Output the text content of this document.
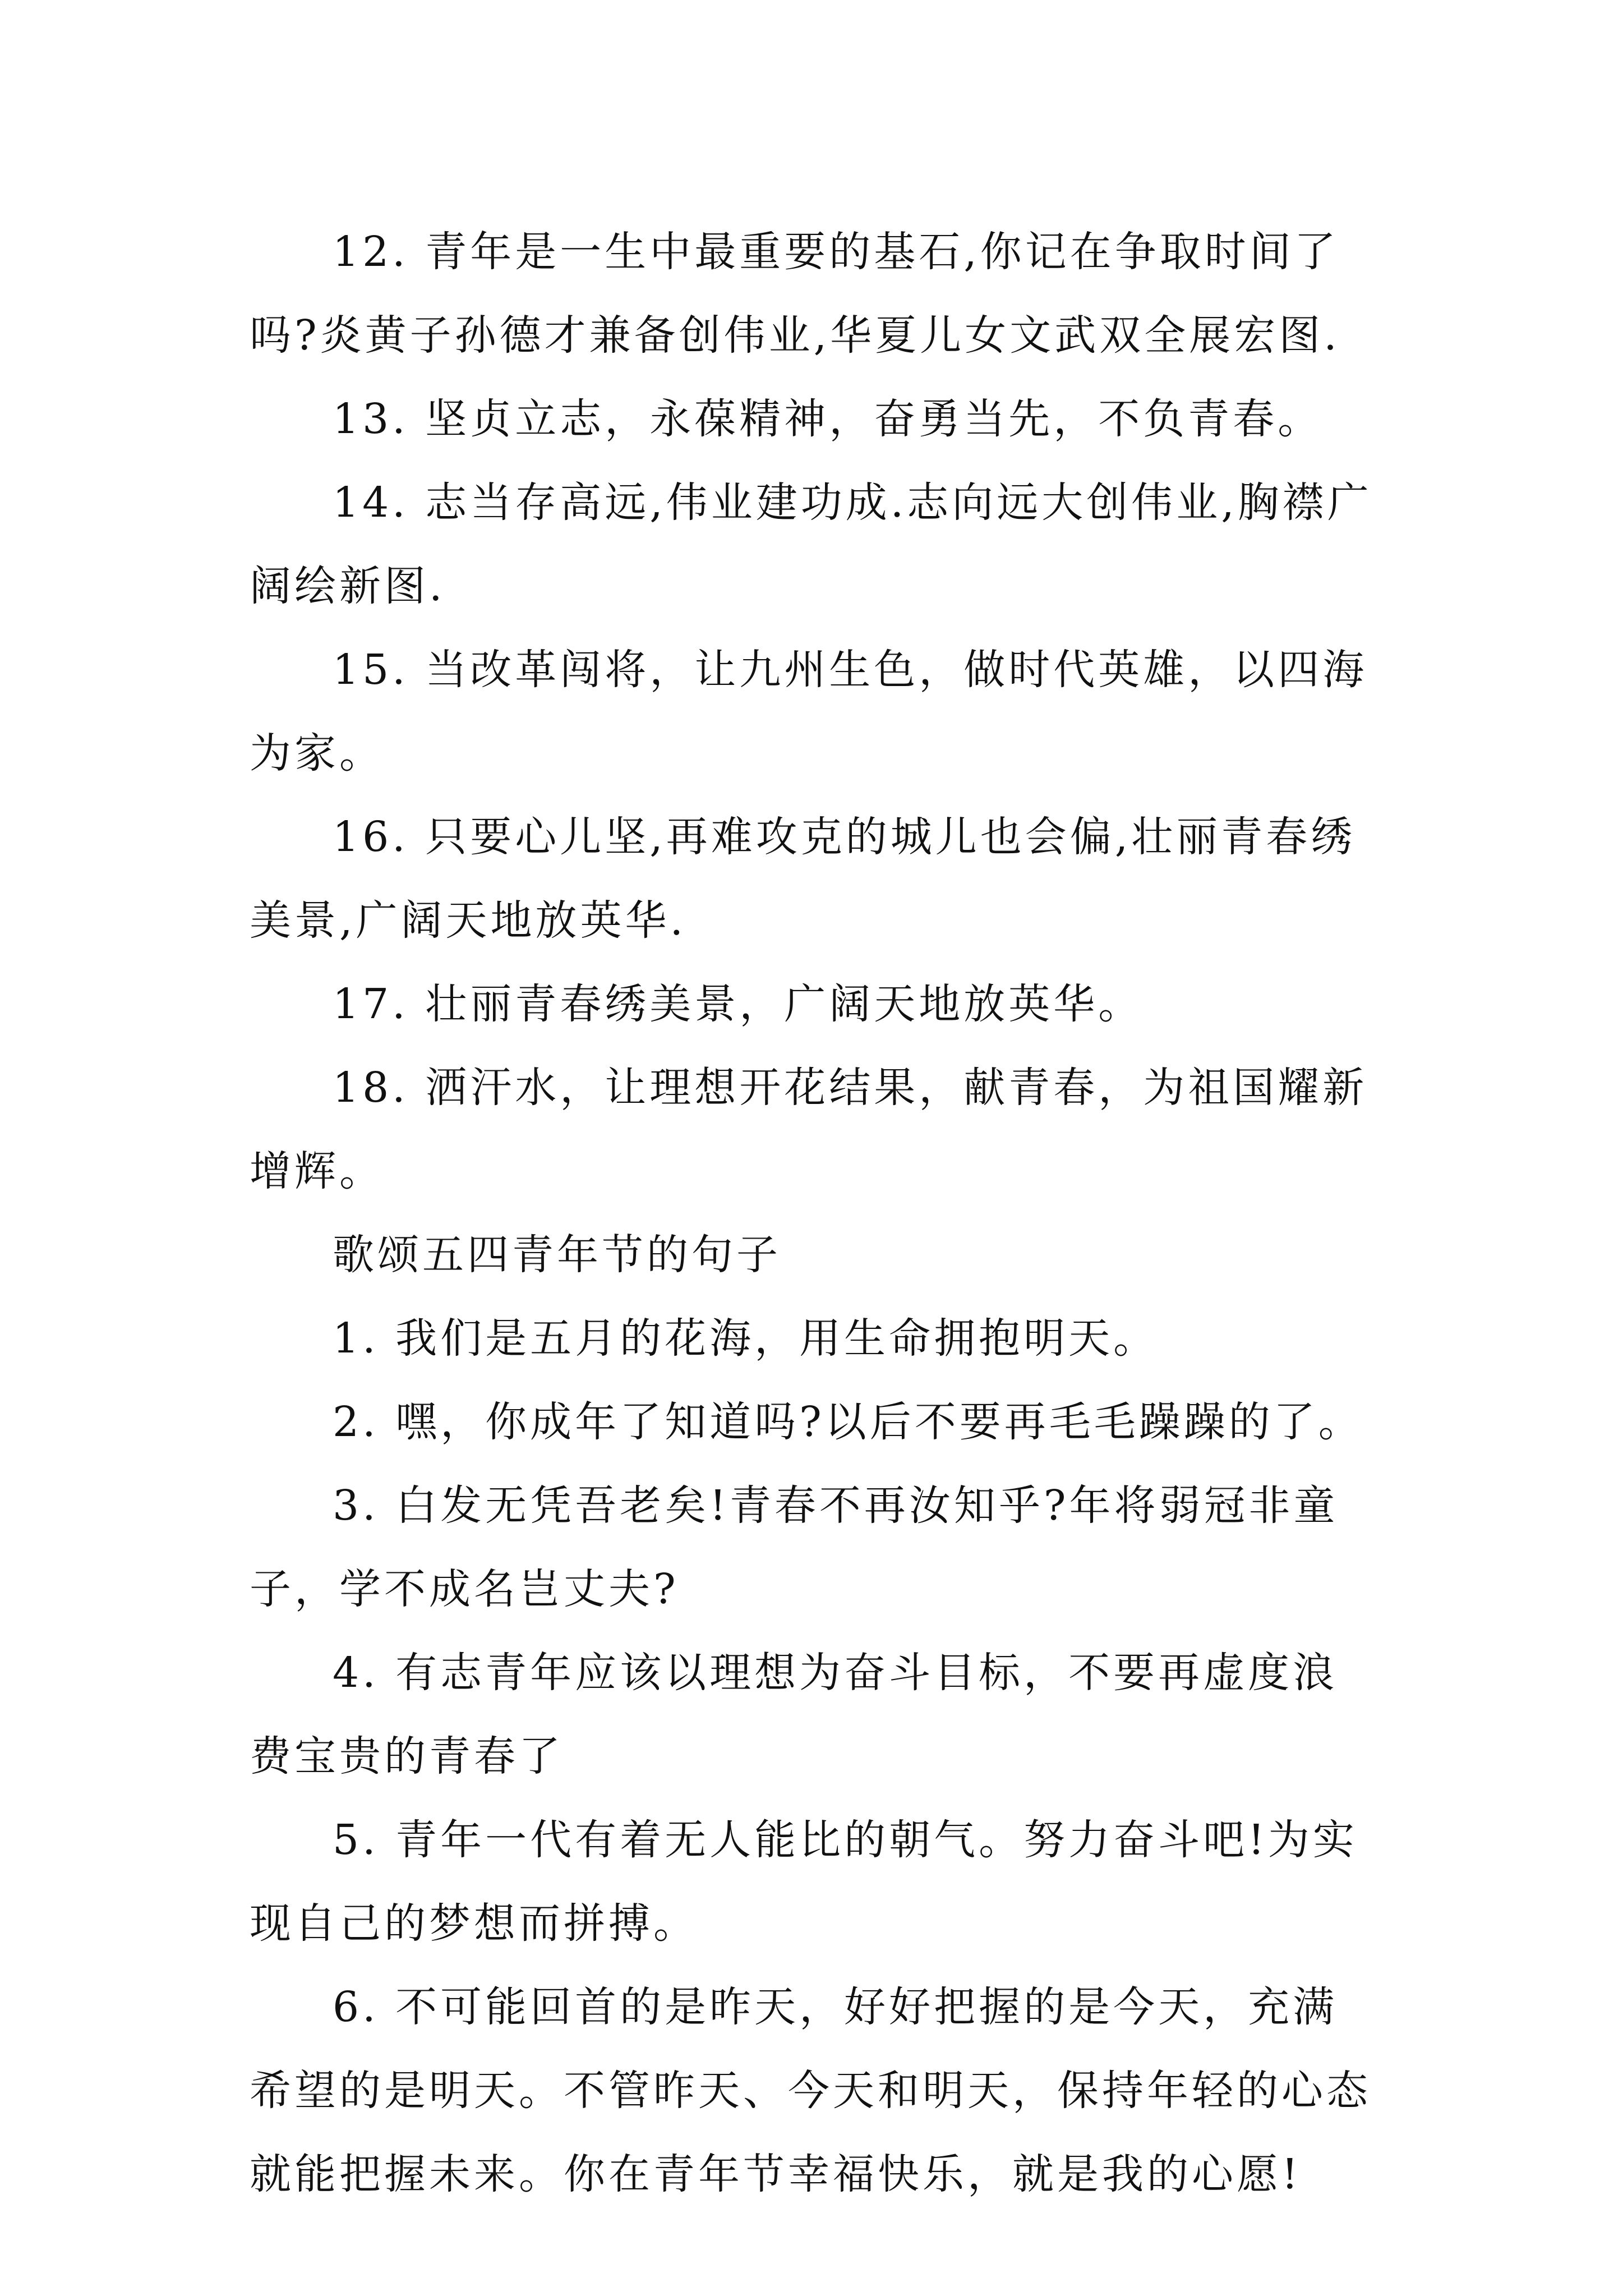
12. 青年是一生中最重要的基石,你记在争取时间了吗?炎黄子孙德才兼备创伟业,华夏儿女文武双全展宏图.

13. 坚贞立志，永葆精神，奋勇当先，不负青春。

14. 志当存高远,伟业建功成.志向远大创伟业,胸襟广阔绘新图.

15. 当改革闯将，让九州生色，做时代英雄，以四海为家。

16. 只要心儿坚,再难攻克的城儿也会偏,壮丽青春绣美景,广阔天地放英华.

17. 壮丽青春绣美景，广阔天地放英华。

18. 洒汗水，让理想开花结果，献青春，为祖国耀新增辉。

歌颂五四青年节的句子

1. 我们是五月的花海，用生命拥抱明天。

2. 嘿，你成年了知道吗?以后不要再毛毛躁躁的了。

3. 白发无凭吾老矣!青春不再汝知乎?年将弱冠非童子，学不成名岂丈夫?

4. 有志青年应该以理想为奋斗目标，不要再虚度浪费宝贵的青春了

5. 青年一代有着无人能比的朝气。努力奋斗吧!为实现自己的梦想而拼搏。

6. 不可能回首的是昨天，好好把握的是今天，充满希望的是明天。不管昨天、今天和明天，保持年轻的心态就能把握未来。你在青年节幸福快乐，就是我的心愿!
